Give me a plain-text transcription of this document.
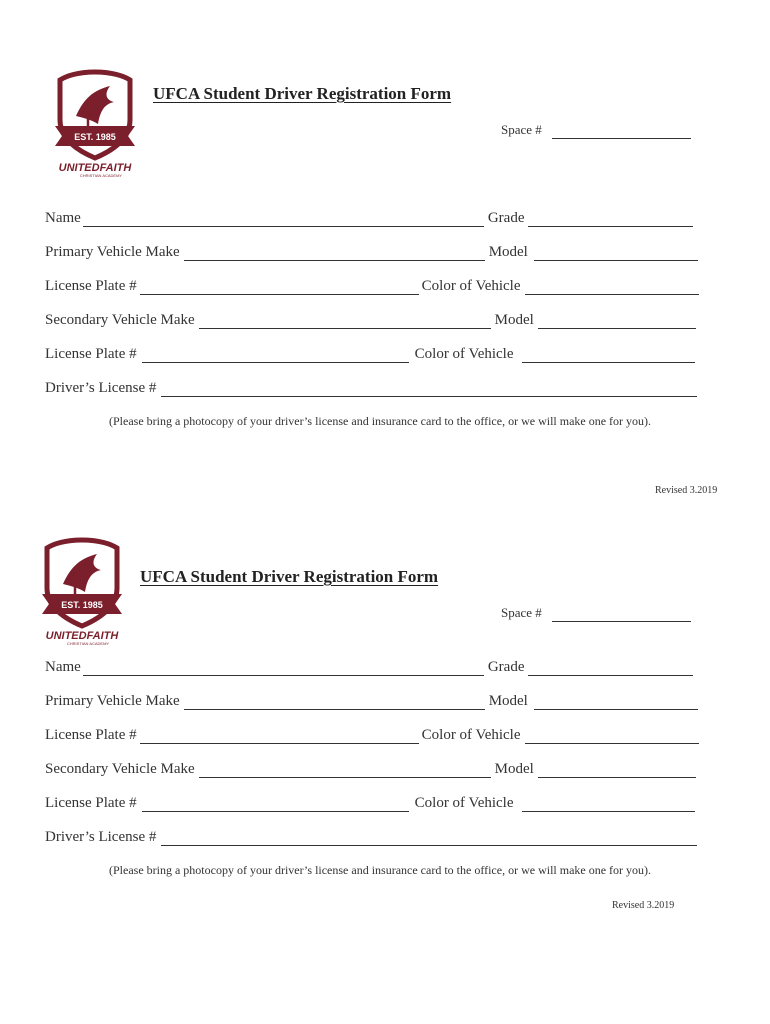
EST. 1985
UNITEDFAITH
CHRISTIAN ACADEMY
UFCA Student Driver Registration Form
Space #
Name	Grade
Primary Vehicle Make	Model
License Plate #	Color of Vehicle
Secondary Vehicle Make	Model
License Plate #	Color of Vehicle
Driver’s License #
(Please bring a photocopy of your driver’s license and insurance card to the office, or we will make one for you).
Revised 3.2019
EST. 1985
UNITEDFAITH
CHRISTIAN ACADEMY
UFCA Student Driver Registration Form
Space #
Name	Grade
Primary Vehicle Make	Model
License Plate #	Color of Vehicle
Secondary Vehicle Make	Model
License Plate #	Color of Vehicle
Driver’s License #
(Please bring a photocopy of your driver’s license and insurance card to the office, or we will make one for you).
Revised 3.2019
